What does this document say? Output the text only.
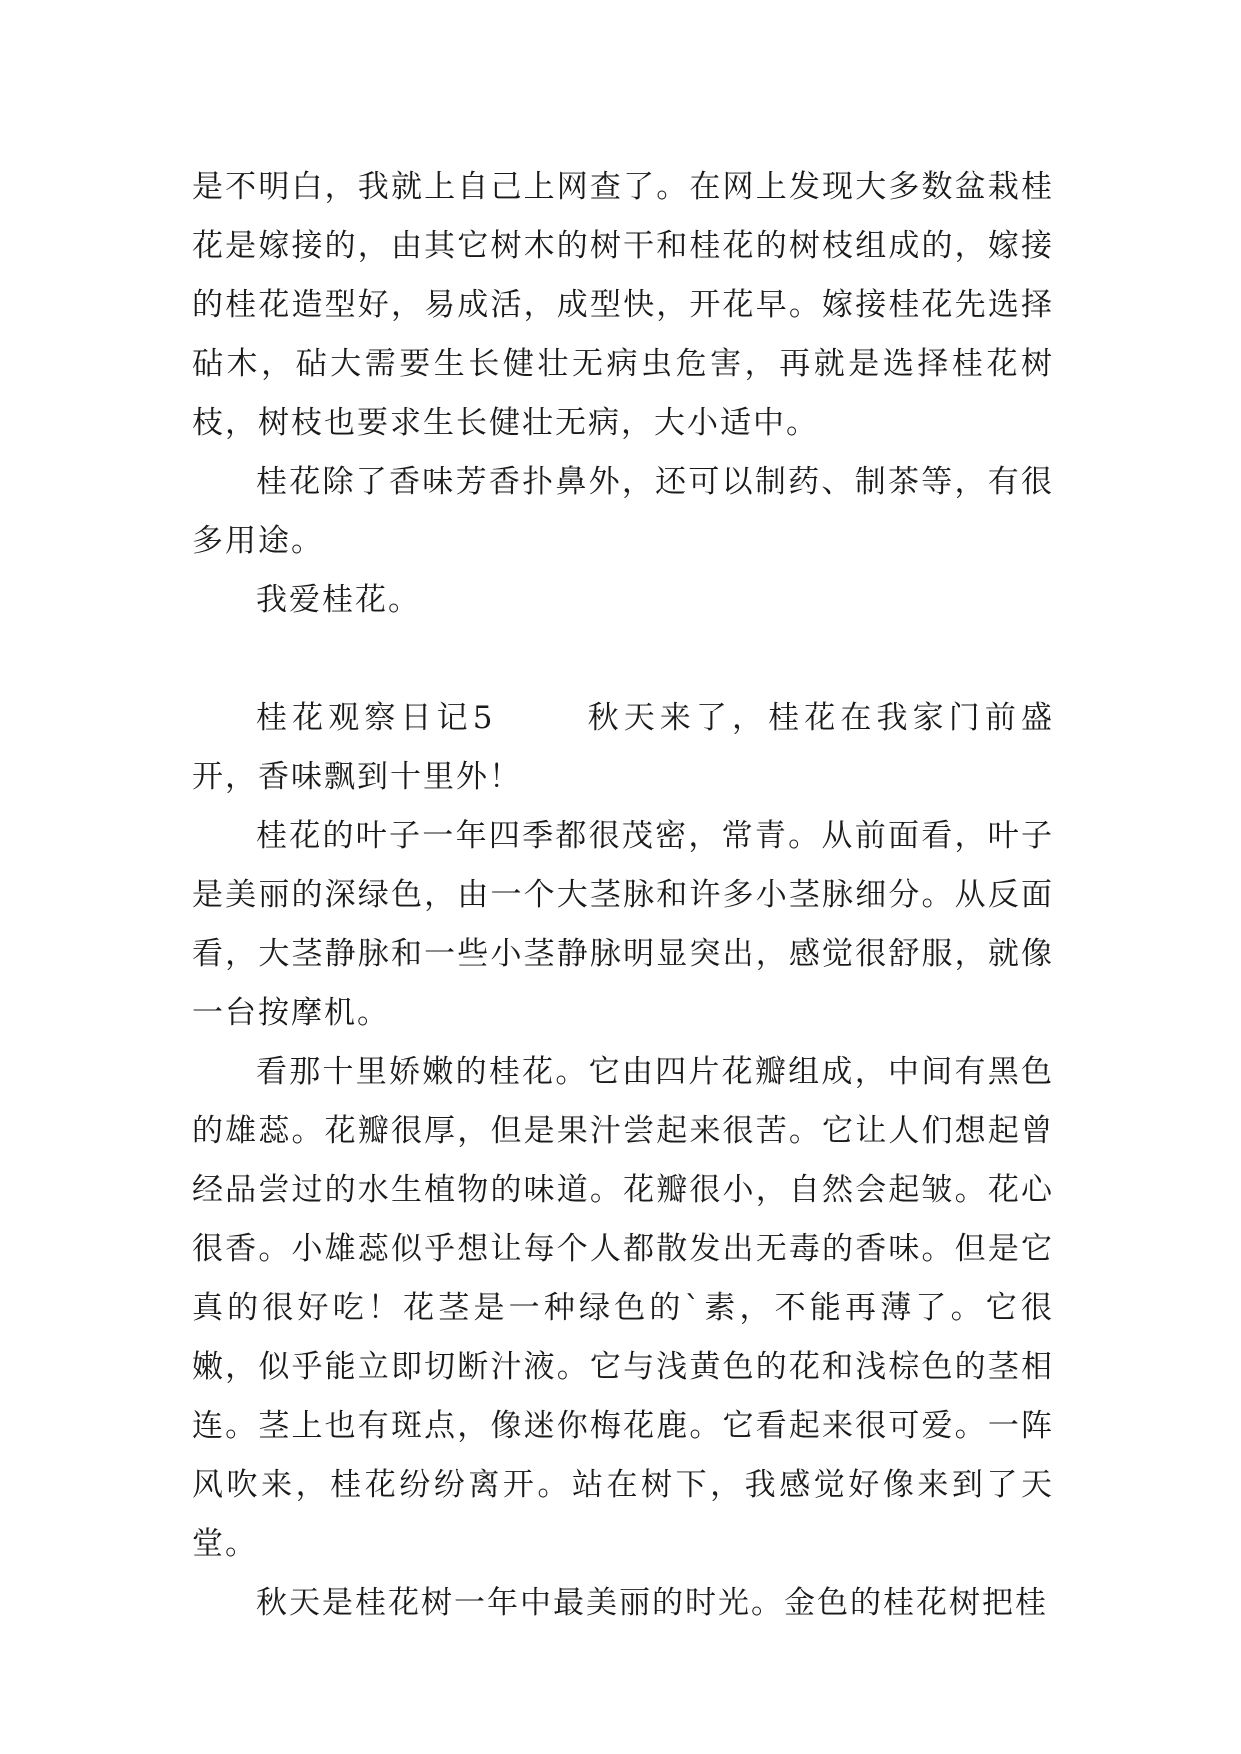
是不明白，我就上自己上网查了。在网上发现大多数盆栽桂花是嫁接的，由其它树木的树干和桂花的树枝组成的，嫁接的桂花造型好，易成活，成型快，开花早。嫁接桂花先选择砧木，砧大需要生长健壮无病虫危害，再就是选择桂花树枝，树枝也要求生长健壮无病，大小适中。

桂花除了香味芳香扑鼻外，还可以制药、制茶等，有很多用途。

我爱桂花。

桂花观察日记5	秋天来了，桂花在我家门前盛开，香味飘到十里外！

桂花的叶子一年四季都很茂密，常青。从前面看，叶子是美丽的深绿色，由一个大茎脉和许多小茎脉细分。从反面看，大茎静脉和一些小茎静脉明显突出，感觉很舒服，就像一台按摩机。

看那十里娇嫩的桂花。它由四片花瓣组成，中间有黑色的雄蕊。花瓣很厚，但是果汁尝起来很苦。它让人们想起曾经品尝过的水生植物的味道。花瓣很小，自然会起皱。花心很香。小雄蕊似乎想让每个人都散发出无毒的香味。但是它真的很好吃！花茎是一种绿色的`素，不能再薄了。它很嫩，似乎能立即切断汁液。它与浅黄色的花和浅棕色的茎相连。茎上也有斑点，像迷你梅花鹿。它看起来很可爱。一阵风吹来，桂花纷纷离开。站在树下，我感觉好像来到了天堂。

秋天是桂花树一年中最美丽的时光。金色的桂花树把桂
